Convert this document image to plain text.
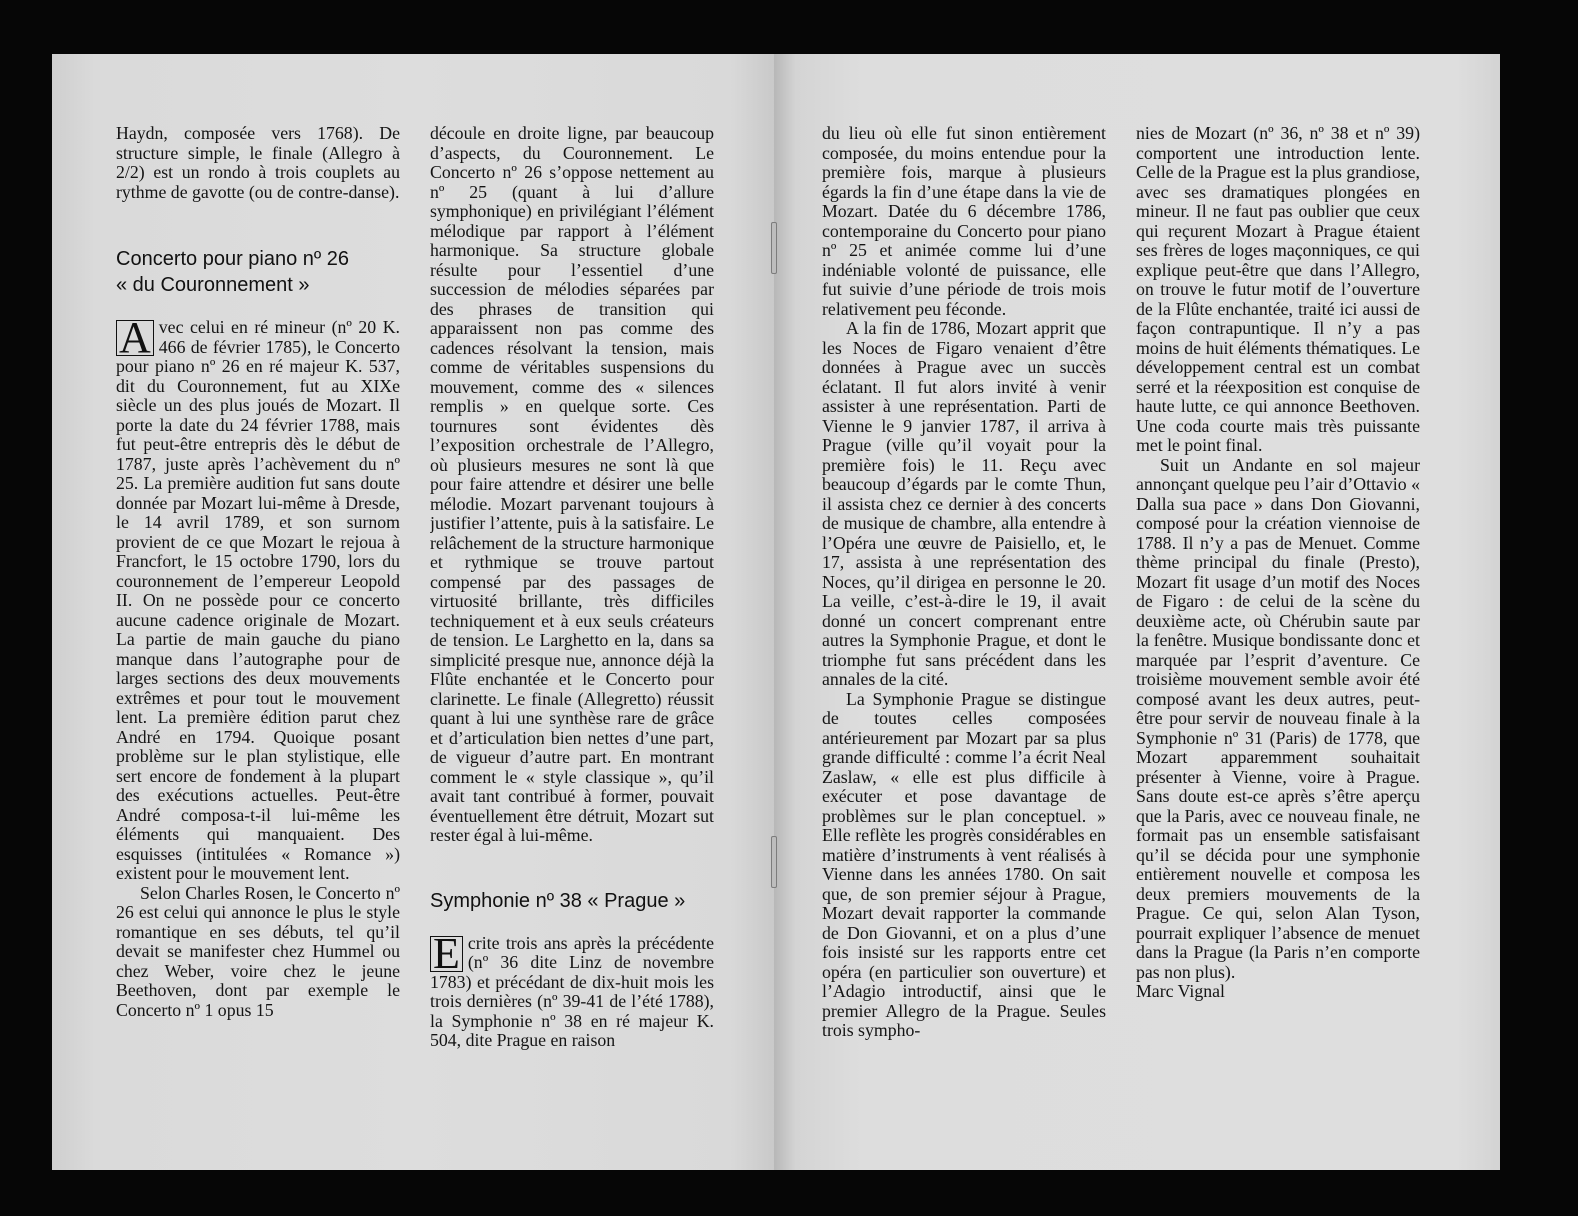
Haydn, composée vers 1768). De structure simple, le finale (Allegro à 2/2) est un rondo à trois couplets au rythme de gavotte (ou de contre-danse).

Concerto pour piano nº 26
« du Couronnement »

A vec celui en ré mineur (nº 20 K. 466 de février 1785), le Concerto pour piano nº 26 en ré majeur K. 537, dit du Couronnement, fut au XIXe siècle un des plus joués de Mozart. Il porte la date du 24 février 1788, mais fut peut-être entrepris dès le début de 1787, juste après l’achèvement du nº 25. La première audition fut sans doute donnée par Mozart lui-même à Dresde, le 14 avril 1789, et son surnom provient de ce que Mozart le rejoua à Francfort, le 15 octobre 1790, lors du couronnement de l’empereur Leopold II. On ne possède pour ce concerto aucune cadence originale de Mozart. La partie de main gauche du piano manque dans l’autographe pour de larges sections des deux mouvements extrêmes et pour tout le mouvement lent. La première édition parut chez André en 1794. Quoique posant problème sur le plan stylistique, elle sert encore de fondement à la plupart des exécutions actuelles. Peut-être André composa-t-il lui-même les éléments qui manquaient. Des esquisses (intitulées « Romance ») existent pour le mouvement lent.

Selon Charles Rosen, le Concerto nº 26 est celui qui annonce le plus le style romantique en ses débuts, tel qu’il devait se manifester chez Hummel ou chez Weber, voire chez le jeune Beethoven, dont par exemple le Concerto nº 1 opus 15

découle en droite ligne, par beaucoup d’aspects, du Couronnement. Le Concerto nº 26 s’oppose nettement au nº 25 (quant à lui d’allure symphonique) en privilégiant l’élément mélodique par rapport à l’élément harmonique. Sa structure globale résulte pour l’essentiel d’une succession de mélodies séparées par des phrases de transition qui apparaissent non pas comme des cadences résolvant la tension, mais comme de véritables suspensions du mouvement, comme des « silences remplis » en quelque sorte. Ces tournures sont évidentes dès l’exposition orchestrale de l’Allegro, où plusieurs mesures ne sont là que pour faire attendre et désirer une belle mélodie. Mozart parvenant toujours à justifier l’attente, puis à la satisfaire. Le relâchement de la structure harmonique et rythmique se trouve partout compensé par des passages de virtuosité brillante, très difficiles techniquement et à eux seuls créateurs de tension. Le Larghetto en la, dans sa simplicité presque nue, annonce déjà la Flûte enchantée et le Concerto pour clarinette. Le finale (Allegretto) réussit quant à lui une synthèse rare de grâce et d’articulation bien nettes d’une part, de vigueur d’autre part. En montrant comment le « style classique », qu’il avait tant contribué à former, pouvait éventuellement être détruit, Mozart sut rester égal à lui-même.

Symphonie nº 38 « Prague »

E crite trois ans après la précédente (nº 36 dite Linz de novembre 1783) et précédant de dix-huit mois les trois dernières (nº 39-41 de l’été 1788), la Symphonie nº 38 en ré majeur K. 504, dite Prague en raison

du lieu où elle fut sinon entièrement composée, du moins entendue pour la première fois, marque à plusieurs égards la fin d’une étape dans la vie de Mozart. Datée du 6 décembre 1786, contemporaine du Concerto pour piano nº 25 et animée comme lui d’une indéniable volonté de puissance, elle fut suivie d’une période de trois mois relativement peu féconde.

A la fin de 1786, Mozart apprit que les Noces de Figaro venaient d’être données à Prague avec un succès éclatant. Il fut alors invité à venir assister à une représentation. Parti de Vienne le 9 janvier 1787, il arriva à Prague (ville qu’il voyait pour la première fois) le 11. Reçu avec beaucoup d’égards par le comte Thun, il assista chez ce dernier à des concerts de musique de chambre, alla entendre à l’Opéra une œuvre de Paisiello, et, le 17, assista à une représentation des Noces, qu’il dirigea en personne le 20. La veille, c’est-à-dire le 19, il avait donné un concert comprenant entre autres la Symphonie Prague, et dont le triomphe fut sans précédent dans les annales de la cité.

La Symphonie Prague se distingue de toutes celles composées antérieurement par Mozart par sa plus grande difficulté : comme l’a écrit Neal Zaslaw, « elle est plus difficile à exécuter et pose davantage de problèmes sur le plan conceptuel. » Elle reflète les progrès considérables en matière d’instruments à vent réalisés à Vienne dans les années 1780. On sait que, de son premier séjour à Prague, Mozart devait rapporter la commande de Don Giovanni, et on a plus d’une fois insisté sur les rapports entre cet opéra (en particulier son ouverture) et l’Adagio introductif, ainsi que le premier Allegro de la Prague. Seules trois sympho-

nies de Mozart (nº 36, nº 38 et nº 39) comportent une introduction lente. Celle de la Prague est la plus grandiose, avec ses dramatiques plongées en mineur. Il ne faut pas oublier que ceux qui reçurent Mozart à Prague étaient ses frères de loges maçonniques, ce qui explique peut-être que dans l’Allegro, on trouve le futur motif de l’ouverture de la Flûte enchantée, traité ici aussi de façon contrapuntique. Il n’y a pas moins de huit éléments thématiques. Le développement central est un combat serré et la réexposition est conquise de haute lutte, ce qui annonce Beethoven. Une coda courte mais très puissante met le point final.

Suit un Andante en sol majeur annonçant quelque peu l’air d’Ottavio « Dalla sua pace » dans Don Giovanni, composé pour la création viennoise de 1788. Il n’y a pas de Menuet. Comme thème principal du finale (Presto), Mozart fit usage d’un motif des Noces de Figaro : de celui de la scène du deuxième acte, où Chérubin saute par la fenêtre. Musique bondissante donc et marquée par l’esprit d’aventure. Ce troisième mouvement semble avoir été composé avant les deux autres, peut-être pour servir de nouveau finale à la Symphonie nº 31 (Paris) de 1778, que Mozart apparemment souhaitait présenter à Vienne, voire à Prague. Sans doute est-ce après s’être aperçu que la Paris, avec ce nouveau finale, ne formait pas un ensemble satisfaisant qu’il se décida pour une symphonie entièrement nouvelle et composa les deux premiers mouvements de la Prague. Ce qui, selon Alan Tyson, pourrait expliquer l’absence de menuet dans la Prague (la Paris n’en comporte pas non plus).

Marc Vignal
